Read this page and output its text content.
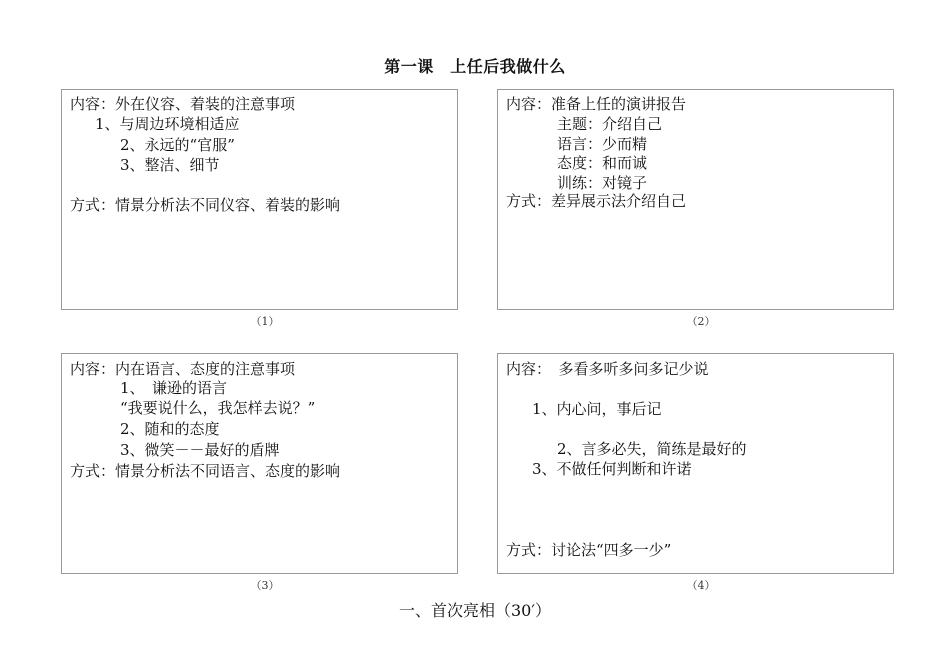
第一课　上任后我做什么
内容：外在仪容、着装的注意事项
1、与周边环境相适应
2、永远的“官服”
3、整洁、细节
方式：情景分析法不同仪容、着装的影响
（1）
内容：准备上任的演讲报告
主题：介绍自己
语言：少而精
态度：和而诚
训练：对镜子
方式：差异展示法介绍自己
（2）
内容：内在语言、态度的注意事项
1、　谦逊的语言
“我要说什么，我怎样去说？”
2、随和的态度
3、微笑－－最好的盾牌
方式：情景分析法不同语言、态度的影响
（3）
内容：　多看多听多问多记少说
1、内心问，事后记
2、言多必失，简练是最好的
3、不做任何判断和许诺
方式：讨论法“四多一少”
（4）
一、首次亮相（30′）
